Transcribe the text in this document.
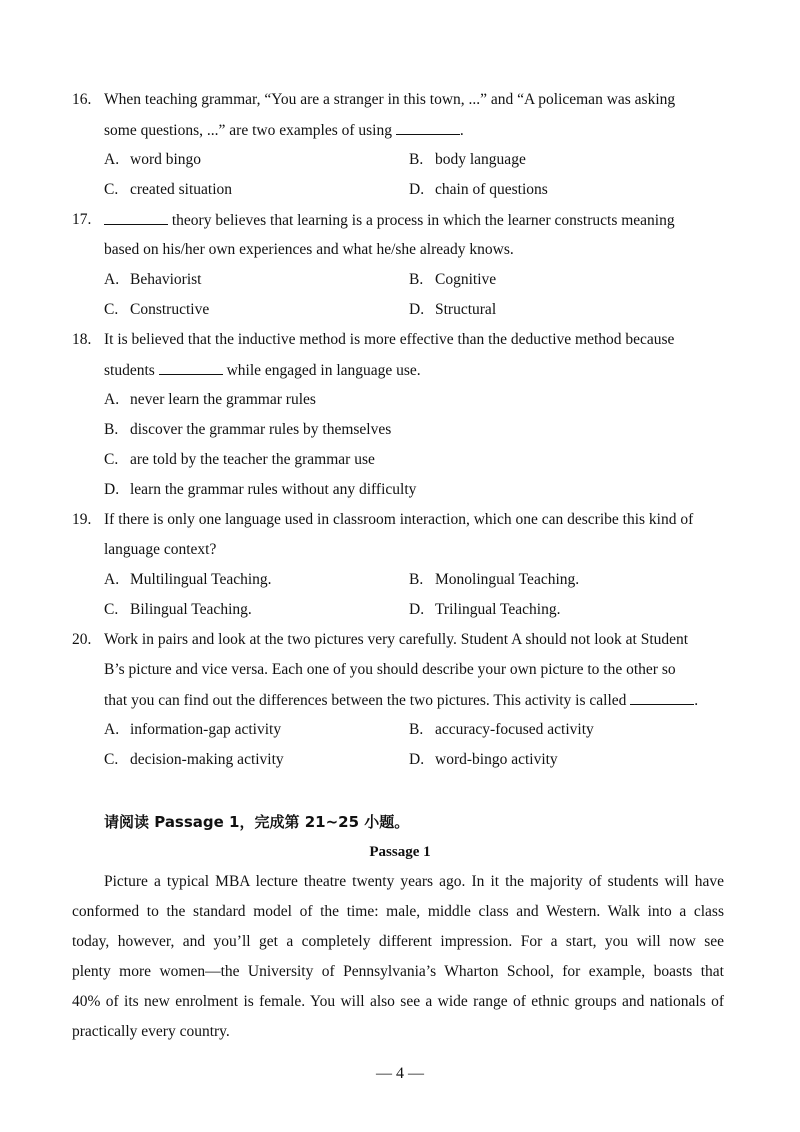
16. When teaching grammar, “You are a stranger in this town, ...” and “A policeman was asking
some questions, ...” are two examples of using	.
A. word bingo	B. body language
C. created situation	D. chain of questions
17.	theory believes that learning is a process in which the learner constructs meaning
based on his/her own experiences and what he/she already knows.
A. Behaviorist	B. Cognitive
C. Constructive	D. Structural
18. It is believed that the inductive method is more effective than the deductive method because
students	while engaged in language use.
A. never learn the grammar rules
B. discover the grammar rules by themselves
C. are told by the teacher the grammar use
D. learn the grammar rules without any difficulty
19. If there is only one language used in classroom interaction, which one can describe this kind of
language context?
A. Multilingual Teaching.	B. Monolingual Teaching.
C. Bilingual Teaching.	D. Trilingual Teaching.
20. Work in pairs and look at the two pictures very carefully. Student A should not look at Student
B’s picture and vice versa. Each one of you should describe your own picture to the other so
that you can find out the differences between the two pictures. This activity is called	.
A. information-gap activity	B. accuracy-focused activity
C. decision-making activity	D. word-bingo activity
请阅读 Passage 1，完成第 21~25 小题。
Passage 1
Picture a typical MBA lecture theatre twenty years ago. In it the majority of students will have
conformed to the standard model of the time: male, middle class and Western. Walk into a class
today, however, and you’ll get a completely different impression. For a start, you will now see
plenty more women—the University of Pennsylvania’s Wharton School, for example, boasts that
40% of its new enrolment is female. You will also see a wide range of ethnic groups and nationals of
practically every country.
— 4 —
